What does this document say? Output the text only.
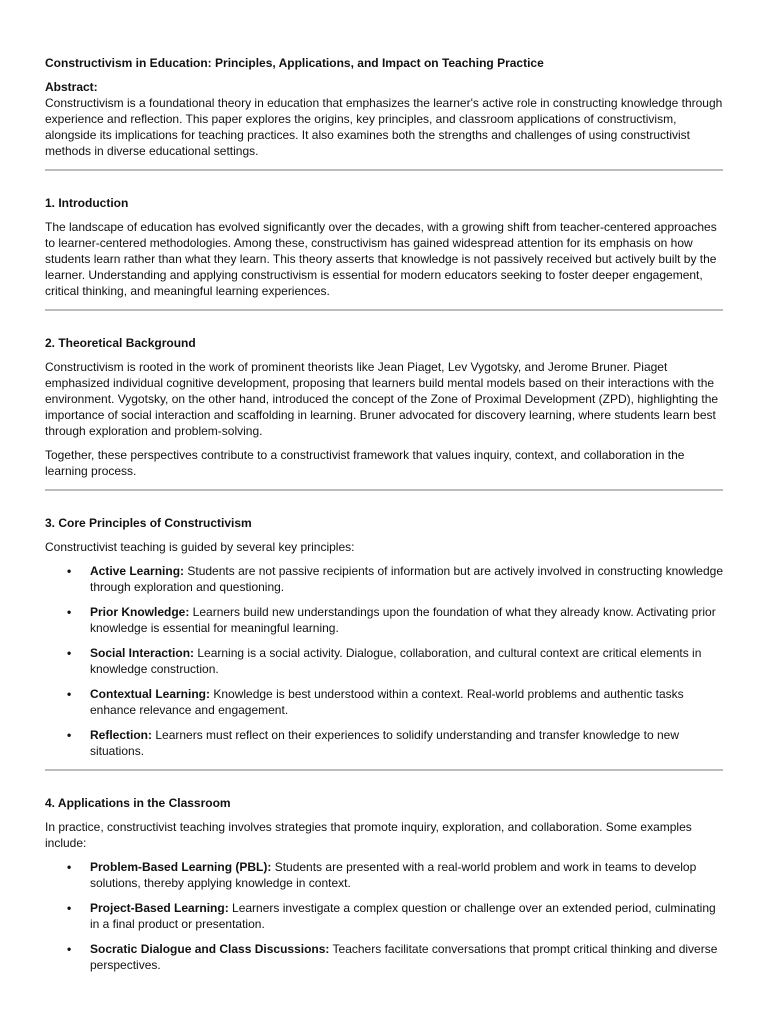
Constructivism in Education: Principles, Applications, and Impact on Teaching Practice

Abstract:

Constructivism is a foundational theory in education that emphasizes the learner's active role in constructing knowledge through experience and reflection. This paper explores the origins, key principles, and classroom applications of constructivism, alongside its implications for teaching practices. It also examines both the strengths and challenges of using constructivist methods in diverse educational settings.

1. Introduction

The landscape of education has evolved significantly over the decades, with a growing shift from teacher-centered approaches to learner-centered methodologies. Among these, constructivism has gained widespread attention for its emphasis on how students learn rather than what they learn. This theory asserts that knowledge is not passively received but actively built by the learner. Understanding and applying constructivism is essential for modern educators seeking to foster deeper engagement, critical thinking, and meaningful learning experiences.

2. Theoretical Background

Constructivism is rooted in the work of prominent theorists like Jean Piaget, Lev Vygotsky, and Jerome Bruner. Piaget emphasized individual cognitive development, proposing that learners build mental models based on their interactions with the environment. Vygotsky, on the other hand, introduced the concept of the Zone of Proximal Development (ZPD), highlighting the importance of social interaction and scaffolding in learning. Bruner advocated for discovery learning, where students learn best through exploration and problem-solving.

Together, these perspectives contribute to a constructivist framework that values inquiry, context, and collaboration in the learning process.

3. Core Principles of Constructivism

Constructivist teaching is guided by several key principles:

• Active Learning: Students are not passive recipients of information but are actively involved in constructing knowledge through exploration and questioning.
• Prior Knowledge: Learners build new understandings upon the foundation of what they already know. Activating prior knowledge is essential for meaningful learning.
• Social Interaction: Learning is a social activity. Dialogue, collaboration, and cultural context are critical elements in knowledge construction.
• Contextual Learning: Knowledge is best understood within a context. Real-world problems and authentic tasks enhance relevance and engagement.
• Reflection: Learners must reflect on their experiences to solidify understanding and transfer knowledge to new situations.
4. Applications in the Classroom

In practice, constructivist teaching involves strategies that promote inquiry, exploration, and collaboration. Some examples include:

• Problem-Based Learning (PBL): Students are presented with a real-world problem and work in teams to develop solutions, thereby applying knowledge in context.
• Project-Based Learning: Learners investigate a complex question or challenge over an extended period, culminating in a final product or presentation.
• Socratic Dialogue and Class Discussions: Teachers facilitate conversations that prompt critical thinking and diverse perspectives.
